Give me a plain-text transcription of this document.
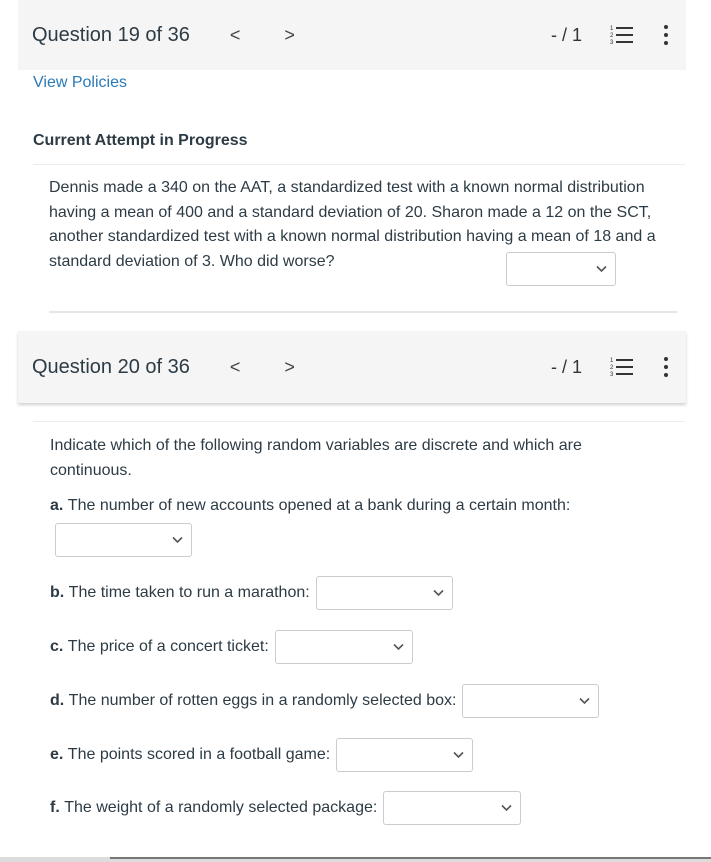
Question 19 of 36 < >	- / 1	1
2
3
View Policies
Current Attempt in Progress
Dennis made a 340 on the AAT, a standardized test with a known normal distribution having a mean of 400 and a standard deviation of 20. Sharon made a 12 on the SCT, another standardized test with a known normal distribution having a mean of 18 and a standard deviation of 3. Who did worse?
Question 20 of 36 < >	- / 1	1
2
3
Indicate which of the following random variables are discrete and which are continuous.
a.
The number of new accounts opened at a bank during a certain month:
b. The time taken to run a marathon:
c. The price of a concert ticket:
d. The number of rotten eggs in a randomly selected box:
e. The points scored in a football game:
f. The weight of a randomly selected package:
